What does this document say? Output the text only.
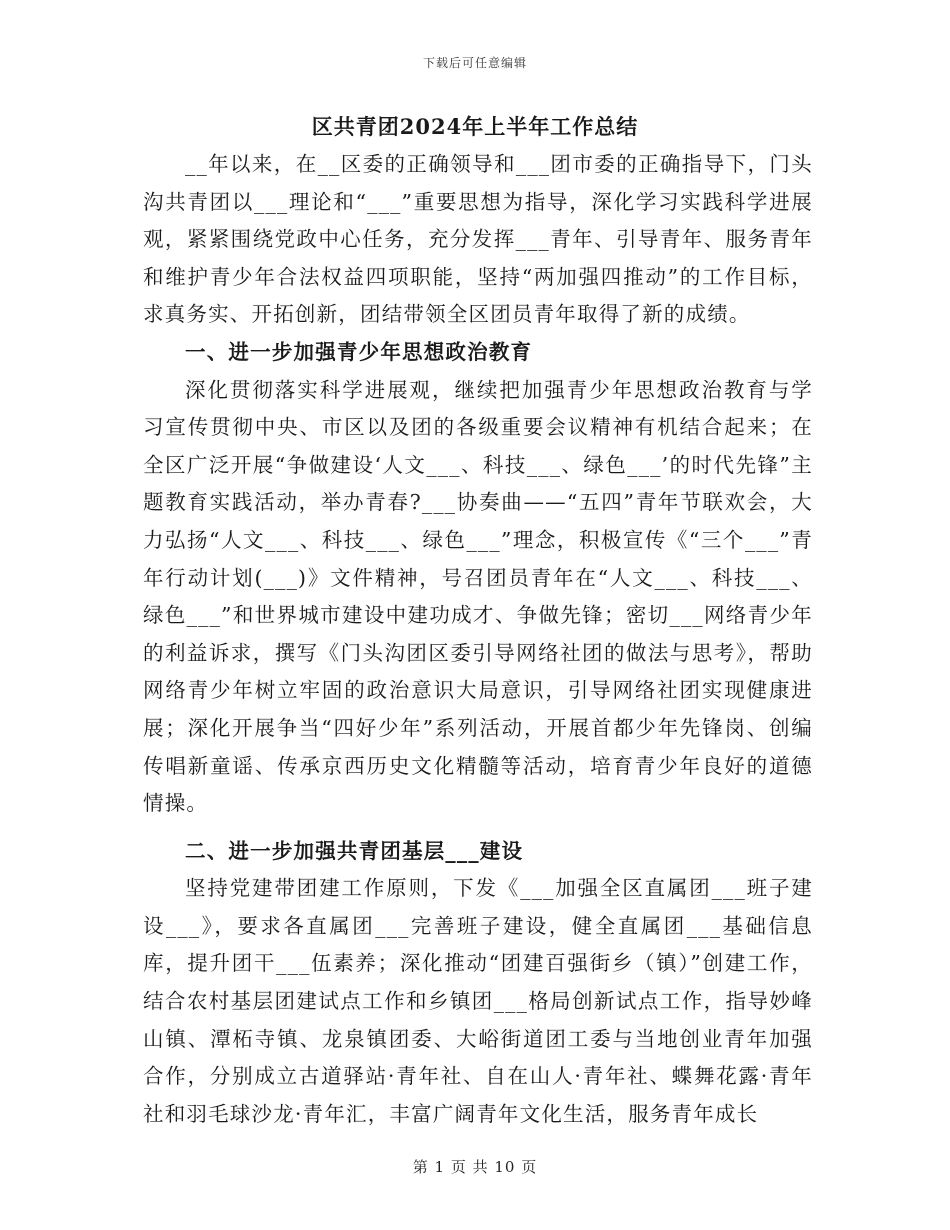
下载后可任意编辑
区共青团2024年上半年工作总结

__年以来，在__区委的正确领导和___团市委的正确指导下，门头沟共青团以___理论和“___”重要思想为指导，深化学习实践科学进展观，紧紧围绕党政中心任务，充分发挥___青年、引导青年、服务青年和维护青少年合法权益四项职能，坚持“两加强四推动”的工作目标，求真务实、开拓创新，团结带领全区团员青年取得了新的成绩。

一、进一步加强青少年思想政治教育

深化贯彻落实科学进展观，继续把加强青少年思想政治教育与学习宣传贯彻中央、市区以及团的各级重要会议精神有机结合起来；在全区广泛开展“争做建设‘人文___、科技___、绿色___’的时代先锋”主题教育实践活动，举办青春?___协奏曲——“五四”青年节联欢会，大力弘扬“人文___、科技___、绿色___”理念，积极宣传《“三个___”青年行动计划(___)》文件精神，号召团员青年在“人文___、科技___、绿色___”和世界城市建设中建功成才、争做先锋；密切___网络青少年的利益诉求，撰写《门头沟团区委引导网络社团的做法与思考》，帮助网络青少年树立牢固的政治意识大局意识，引导网络社团实现健康进展；深化开展争当“四好少年”系列活动，开展首都少年先锋岗、创编传唱新童谣、传承京西历史文化精髓等活动，培育青少年良好的道德情操。

二、进一步加强共青团基层___建设

坚持党建带团建工作原则，下发《___加强全区直属团___班子建设___》，要求各直属团___完善班子建设，健全直属团___基础信息库，提升团干___伍素养；深化推动“团建百强街乡（镇）”创建工作，结合农村基层团建试点工作和乡镇团___格局创新试点工作，指导妙峰山镇、潭柘寺镇、龙泉镇团委、大峪街道团工委与当地创业青年加强合作，分别成立古道驿站·青年社、自在山人·青年社、蝶舞花露·青年社和羽毛球沙龙·青年汇，丰富广阔青年文化生活，服务青年成长

第 1 页 共 10 页
